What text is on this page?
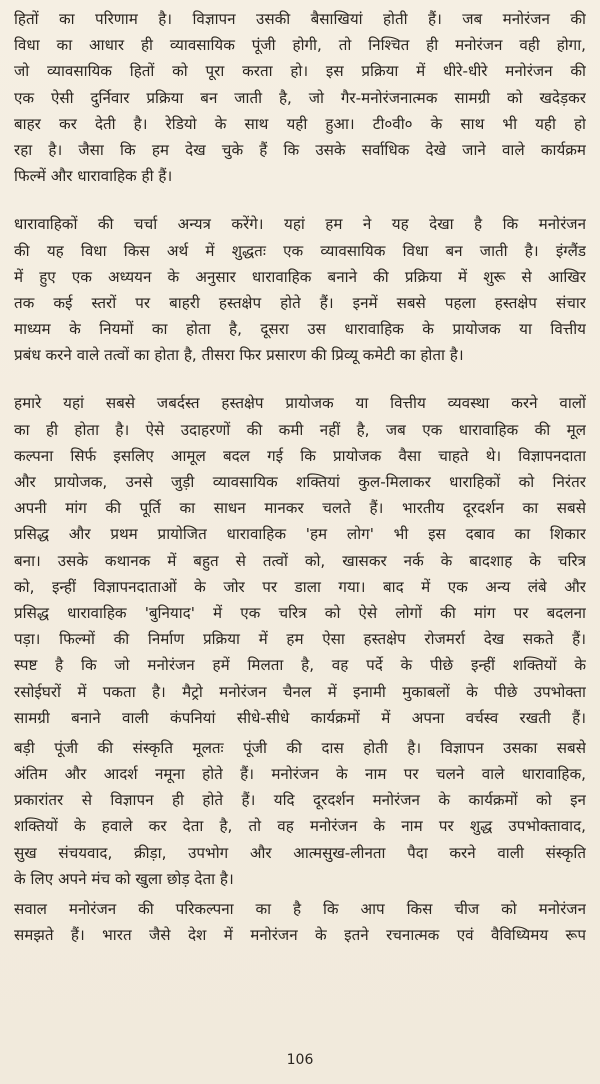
हितों का परिणाम है। विज्ञापन उसकी बैसाखियां होती हैं। जब मनोरंजन की
विधा का आधार ही व्यावसायिक पूंजी होगी, तो निश्चित ही मनोरंजन वही होगा,
जो व्यावसायिक हितों को पूरा करता हो। इस प्रक्रिया में धीरे-धीरे मनोरंजन की
एक ऐसी दुर्निवार प्रक्रिया बन जाती है, जो गैर-मनोरंजनात्मक सामग्री को खदेड़कर
बाहर कर देती है। रेडियो के साथ यही हुआ। टी०वी० के साथ भी यही हो
रहा है। जैसा कि हम देख चुके हैं कि उसके सर्वाधिक देखे जाने वाले कार्यक्रम
फिल्में और धारावाहिक ही हैं।
धारावाहिकों की चर्चा अन्यत्र करेंगे। यहां हम ने यह देखा है कि मनोरंजन
की यह विधा किस अर्थ में शुद्धतः एक व्यावसायिक विधा बन जाती है। इंग्लैंड
में हुए एक अध्ययन के अनुसार धारावाहिक बनाने की प्रक्रिया में शुरू से आखिर
तक कई स्तरों पर बाहरी हस्तक्षेप होते हैं। इनमें सबसे पहला हस्तक्षेप संचार
माध्यम के नियमों का होता है, दूसरा उस धारावाहिक के प्रायोजक या वित्तीय
प्रबंध करने वाले तत्वों का होता है, तीसरा फिर प्रसारण की प्रिव्यू कमेटी का होता है।
हमारे यहां सबसे जबर्दस्त हस्तक्षेप प्रायोजक या वित्तीय व्यवस्था करने वालों
का ही होता है। ऐसे उदाहरणों की कमी नहीं है, जब एक धारावाहिक की मूल
कल्पना सिर्फ इसलिए आमूल बदल गई कि प्रायोजक वैसा चाहते थे। विज्ञापनदाता
और प्रायोजक, उनसे जुड़ी व्यावसायिक शक्तियां कुल-मिलाकर धाराहिकों को निरंतर
अपनी मांग की पूर्ति का साधन मानकर चलते हैं। भारतीय दूरदर्शन का सबसे
प्रसिद्ध और प्रथम प्रायोजित धारावाहिक 'हम लोग' भी इस दबाव का शिकार
बना। उसके कथानक में बहुत से तत्वों को, खासकर नर्क के बादशाह के चरित्र
को, इन्हीं विज्ञापनदाताओं के जोर पर डाला गया। बाद में एक अन्य लंबे और
प्रसिद्ध धारावाहिक 'बुनियाद' में एक चरित्र को ऐसे लोगों की मांग पर बदलना
पड़ा। फिल्मों की निर्माण प्रक्रिया में हम ऐसा हस्तक्षेप रोजमर्रा देख सकते हैं।
स्पष्ट है कि जो मनोरंजन हमें मिलता है, वह पर्दे के पीछे इन्हीं शक्तियों के
रसोईघरों में पकता है। मैट्रो मनोरंजन चैनल में इनामी मुकाबलों के पीछे उपभोक्ता
सामग्री बनाने वाली कंपनियां सीधे-सीधे कार्यक्रमों में अपना वर्चस्व रखती हैं।
बड़ी पूंजी की संस्कृति मूलतः पूंजी की दास होती है। विज्ञापन उसका सबसे
अंतिम और आदर्श नमूना होते हैं। मनोरंजन के नाम पर चलने वाले धारावाहिक,
प्रकारांतर से विज्ञापन ही होते हैं। यदि दूरदर्शन मनोरंजन के कार्यक्रमों को इन
शक्तियों के हवाले कर देता है, तो वह मनोरंजन के नाम पर शुद्ध उपभोक्तावाद,
सुख संचयवाद, क्रीड़ा, उपभोग और आत्मसुख-लीनता पैदा करने वाली संस्कृति
के लिए अपने मंच को खुला छोड़ देता है।
सवाल मनोरंजन की परिकल्पना का है कि आप किस चीज को मनोरंजन
समझते हैं। भारत जैसे देश में मनोरंजन के इतने रचनात्मक एवं वैविध्यिमय रूप
106
